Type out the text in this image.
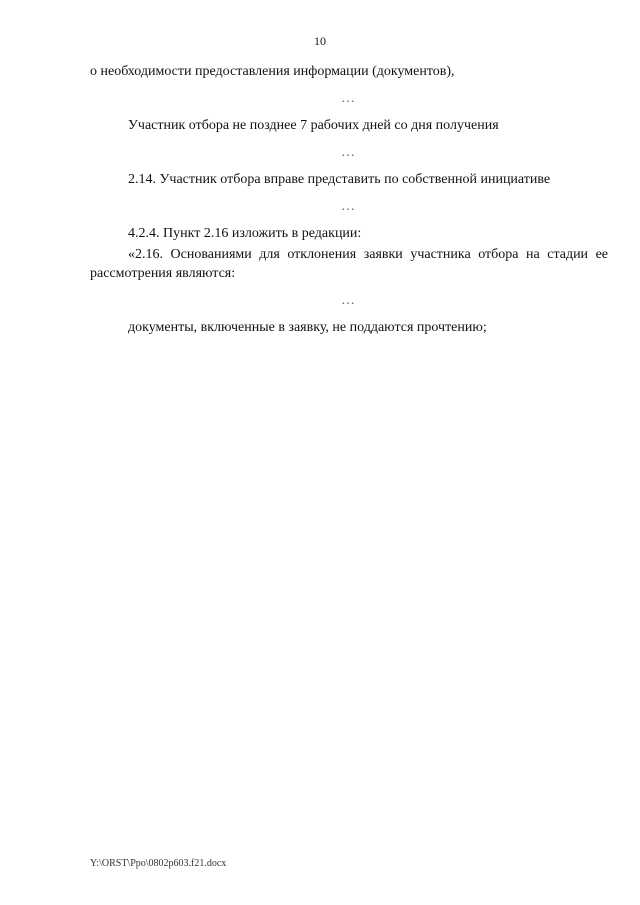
10

о необходимости предоставления информации (документов),

…

Участник отбора не позднее 7 рабочих дней со дня получения

…

2.14. Участник отбора вправе представить по собственной инициативе

…

4.2.4. Пункт 2.16 изложить в редакции:

«2.16. Основаниями для отклонения заявки участника отбора на стадии ее рассмотрения являются:

…

документы, включенные в заявку, не поддаются прочтению;

Y:\ORST\Ppo\0802p603.f21.docx
